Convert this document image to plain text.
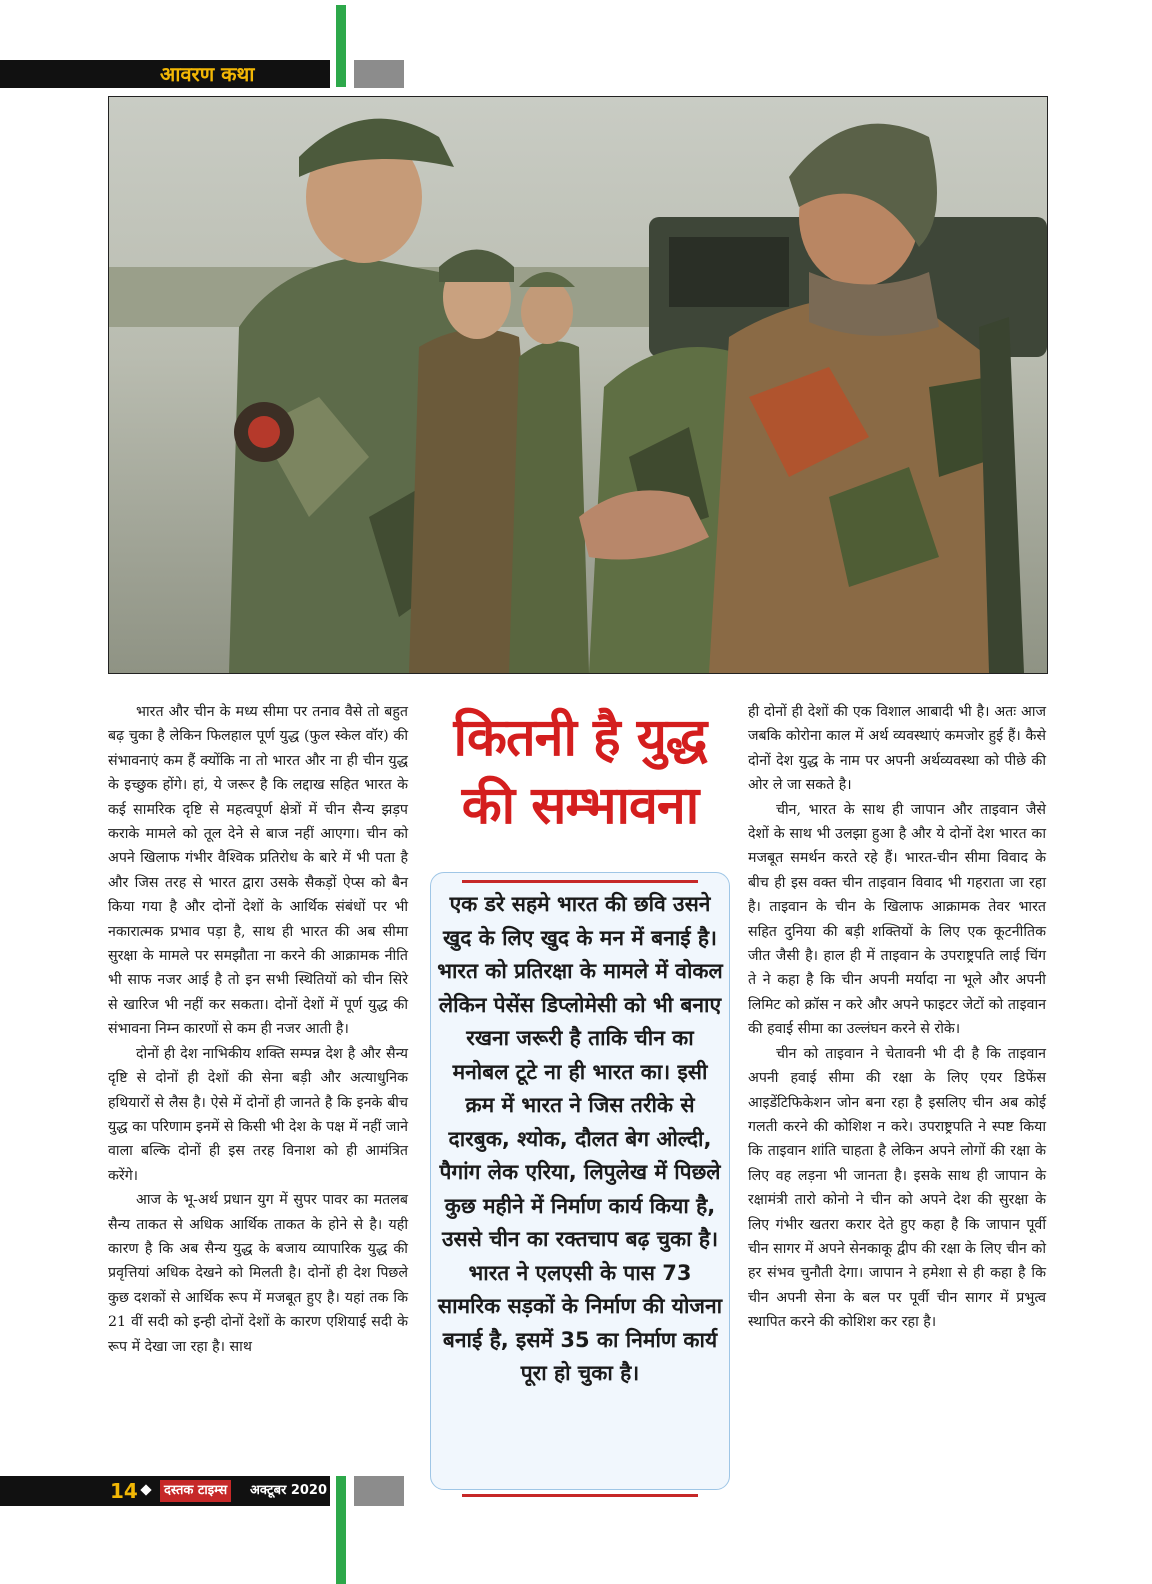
आवरण कथा

भारत और चीन के मध्य सीमा पर तनाव वैसे तो बहुत बढ़ चुका है लेकिन फिलहाल पूर्ण युद्ध (फुल स्केल वॉर) की संभावनाएं कम हैं क्योंकि ना तो भारत और ना ही चीन युद्ध के इच्छुक होंगे। हां, ये जरूर है कि लद्दाख सहित भारत के कई सामरिक दृष्टि से महत्वपूर्ण क्षेत्रों में चीन सैन्य झड़प कराके मामले को तूल देने से बाज नहीं आएगा। चीन को अपने खिलाफ गंभीर वैश्विक प्रतिरोध के बारे में भी पता है और जिस तरह से भारत द्वारा उसके सैकड़ों ऐप्स को बैन किया गया है और दोनों देशों के आर्थिक संबंधों पर भी नकारात्मक प्रभाव पड़ा है, साथ ही भारत की अब सीमा सुरक्षा के मामले पर समझौता ना करने की आक्रामक नीति भी साफ नजर आई है तो इन सभी स्थितियों को चीन सिरे से खारिज भी नहीं कर सकता। दोनों देशों में पूर्ण युद्ध की संभावना निम्न कारणों से कम ही नजर आती है।

दोनों ही देश नाभिकीय शक्ति सम्पन्न देश है और सैन्य दृष्टि से दोनों ही देशों की सेना बड़ी और अत्याधुनिक हथियारों से लैस है। ऐसे में दोनों ही जानते है कि इनके बीच युद्ध का परिणाम इनमें से किसी भी देश के पक्ष में नहीं जाने वाला बल्कि दोनों ही इस तरह विनाश को ही आमंत्रित करेंगे।

आज के भू-अर्थ प्रधान युग में सुपर पावर का मतलब सैन्य ताकत से अधिक आर्थिक ताकत के होने से है। यही कारण है कि अब सैन्य युद्ध के बजाय व्यापारिक युद्ध की प्रवृत्तियां अधिक देखने को मिलती है। दोनों ही देश पिछले कुछ दशकों से आर्थिक रूप में मजबूत हुए है। यहां तक कि 21 वीं सदी को इन्ही दोनों देशों के कारण एशियाई सदी के रूप में देखा जा रहा है। साथ

कितनी है युद्ध
की सम्भावना
एक डरे सहमे भारत की छवि उसने खुद के लिए खुद के मन में बनाई है। भारत को प्रतिरक्षा के मामले में वोकल लेकिन पेसेंस डिप्लोमेसी को भी बनाए रखना जरूरी है ताकि चीन का मनोबल टूटे ना ही भारत का। इसी क्रम में भारत ने जिस तरीके से दारबुक, श्योक, दौलत बेग ओल्दी, पैगांग लेक एरिया, लिपुलेख में पिछले कुछ महीने में निर्माण कार्य किया है, उससे चीन का रक्तचाप बढ़ चुका है। भारत ने एलएसी के पास 73 सामरिक सड़कों के निर्माण की योजना बनाई है, इसमें 35 का निर्माण कार्य पूरा हो चुका है।

ही दोनों ही देशों की एक विशाल आबादी भी है। अतः आज जबकि कोरोना काल में अर्थ व्यवस्थाएं कमजोर हुई हैं। कैसे दोनों देश युद्ध के नाम पर अपनी अर्थव्यवस्था को पीछे की ओर ले जा सकते है।

चीन, भारत के साथ ही जापान और ताइवान जैसे देशों के साथ भी उलझा हुआ है और ये दोनों देश भारत का मजबूत समर्थन करते रहे हैं। भारत-चीन सीमा विवाद के बीच ही इस वक्त चीन ताइवान विवाद भी गहराता जा रहा है। ताइवान के चीन के खिलाफ आक्रामक तेवर भारत सहित दुनिया की बड़ी शक्तियों के लिए एक कूटनीतिक जीत जैसी है। हाल ही में ताइवान के उपराष्ट्रपति लाई चिंग ते ने कहा है कि चीन अपनी मर्यादा ना भूले और अपनी लिमिट को क्रॉस न करे और अपने फाइटर जेटों को ताइवान की हवाई सीमा का उल्लंघन करने से रोके।

चीन को ताइवान ने चेतावनी भी दी है कि ताइवान अपनी हवाई सीमा की रक्षा के लिए एयर डिफेंस आइडेंटिफिकेशन जोन बना रहा है इसलिए चीन अब कोई गलती करने की कोशिश न करे। उपराष्ट्रपति ने स्पष्ट किया कि ताइवान शांति चाहता है लेकिन अपने लोगों की रक्षा के लिए वह लड़ना भी जानता है। इसके साथ ही जापान के रक्षामंत्री तारो कोनो ने चीन को अपने देश की सुरक्षा के लिए गंभीर खतरा करार देते हुए कहा है कि जापान पूर्वी चीन सागर में अपने सेनकाकू द्वीप की रक्षा के लिए चीन को हर संभव चुनौती देगा। जापान ने हमेशा से ही कहा है कि चीन अपनी सेना के बल पर पूर्वी चीन सागर में प्रभुत्व स्थापित करने की कोशिश कर रहा है।

14	दस्तक टाइम्स	अक्टूबर 2020
